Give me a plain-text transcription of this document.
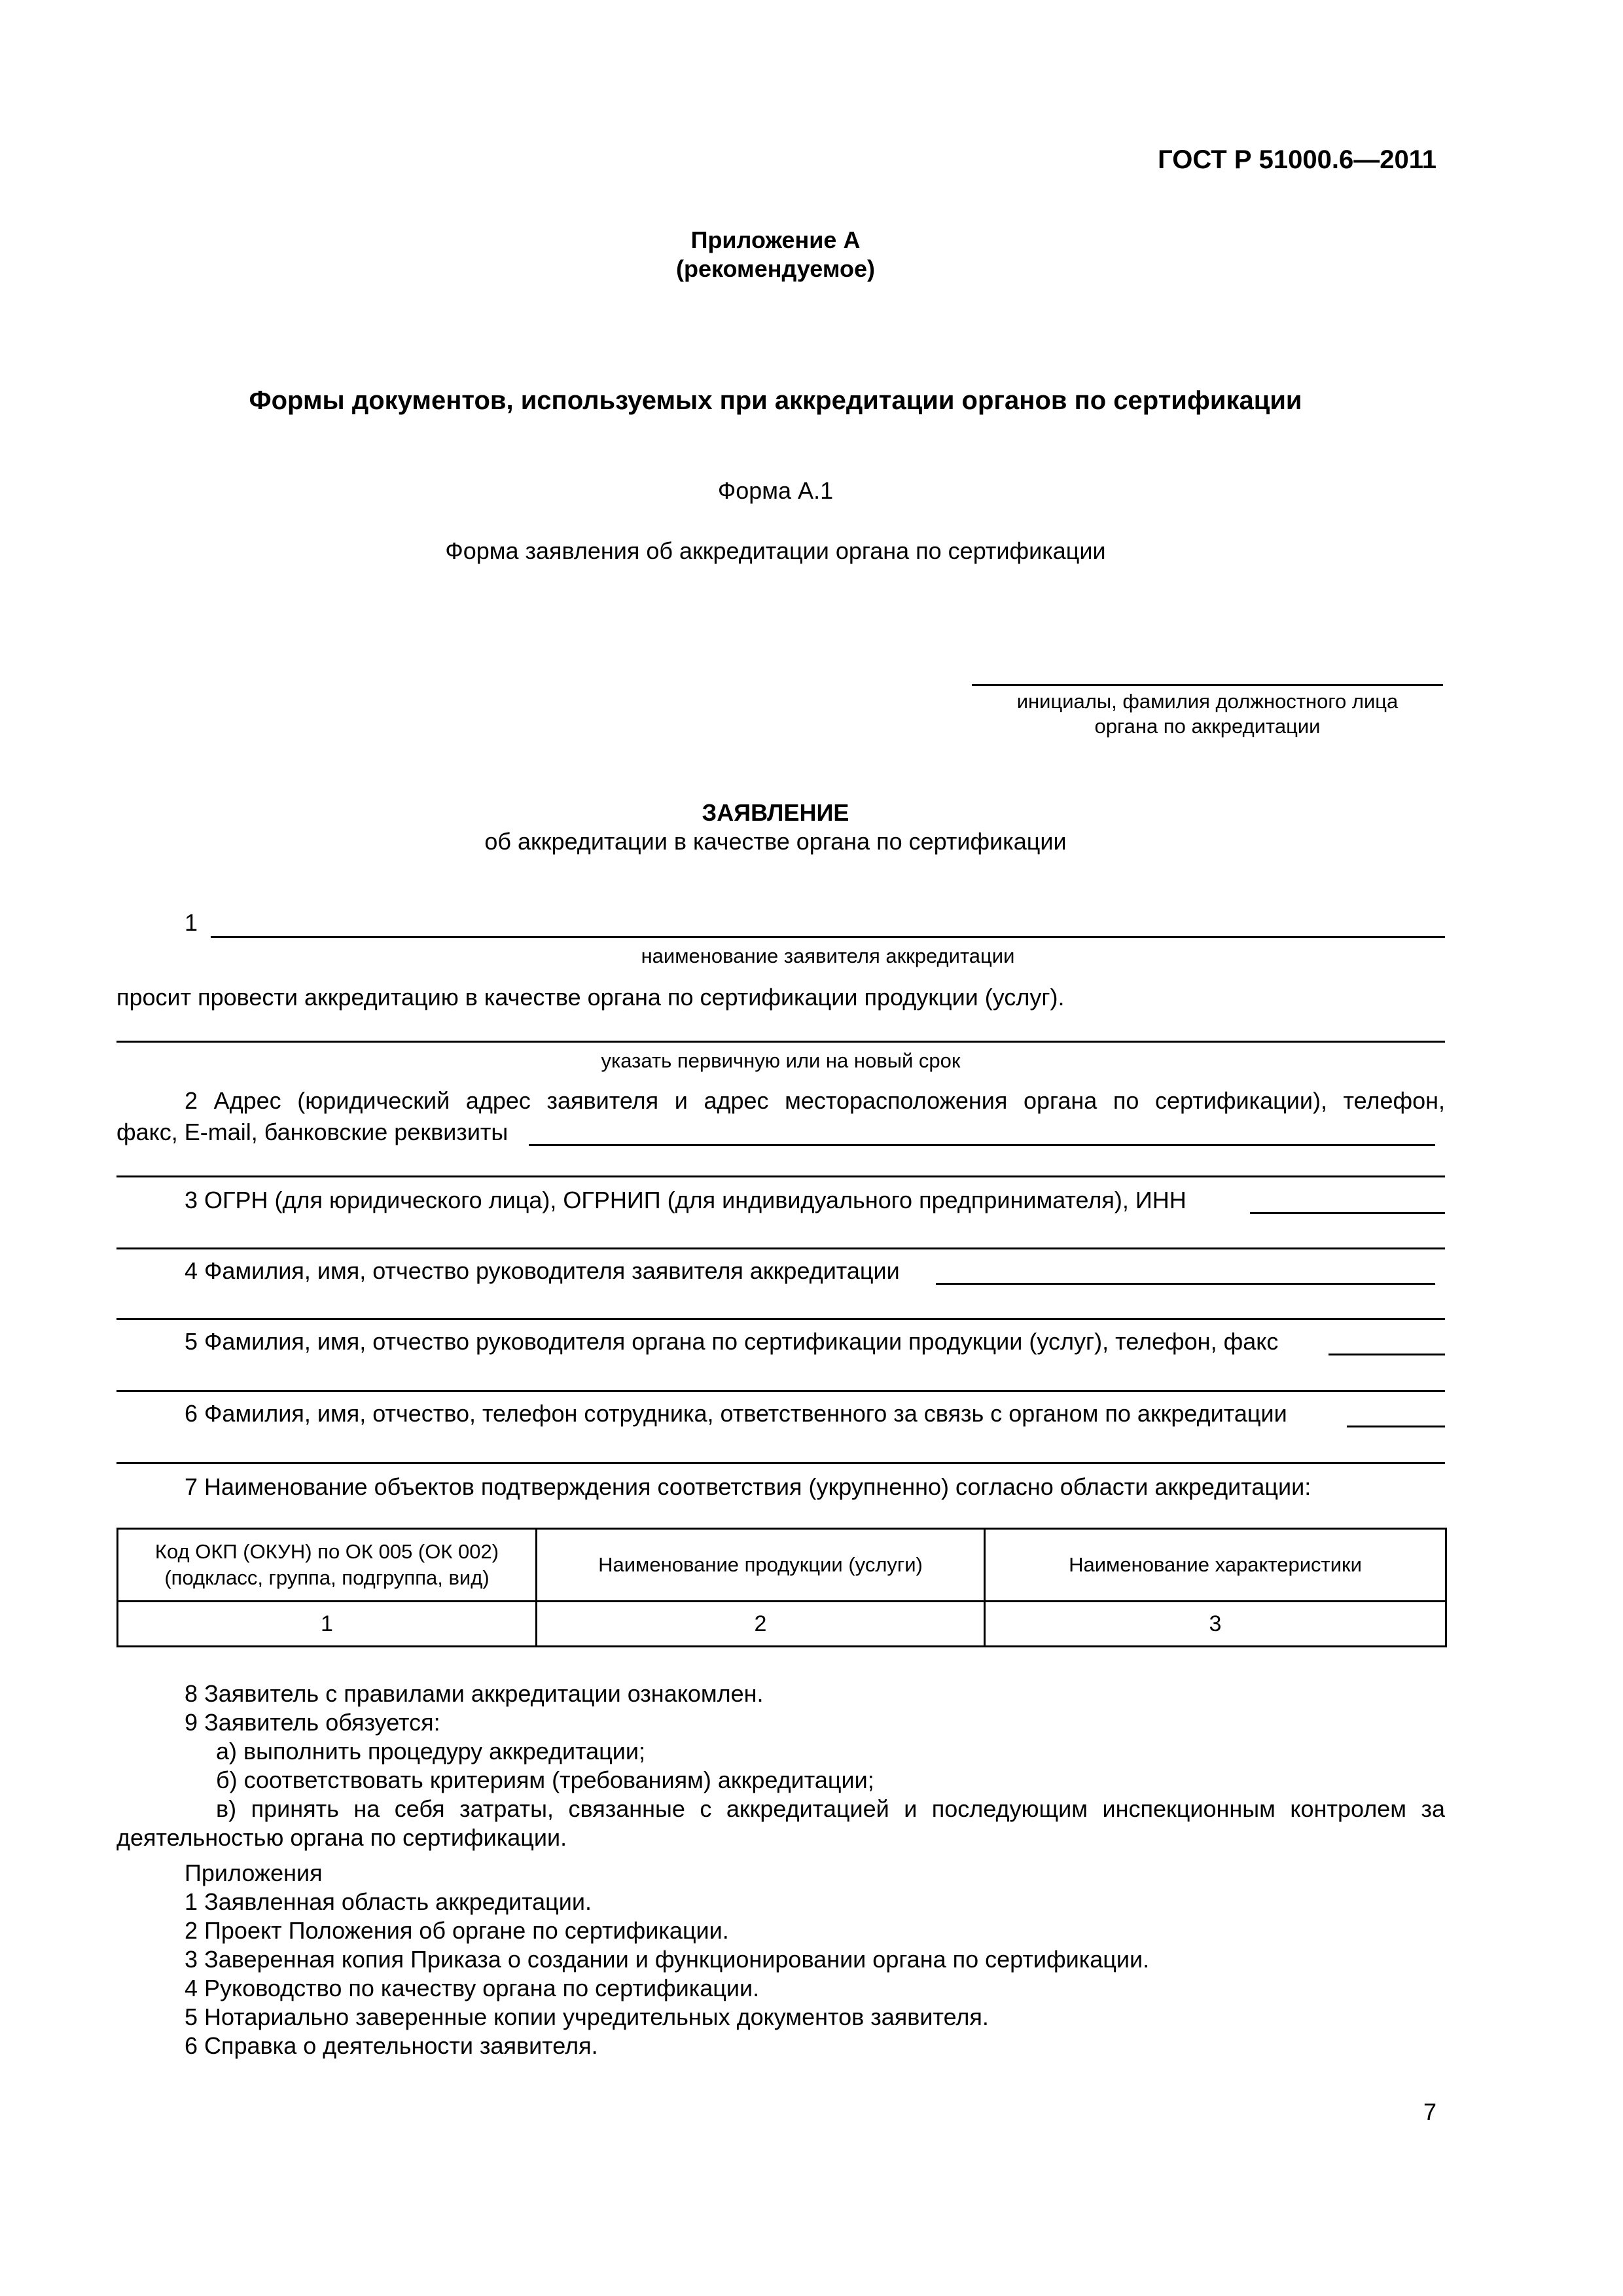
ГОСТ Р 51000.6—2011
Приложение А
(рекомендуемое)
Формы документов, используемых при аккредитации органов по сертификации
Форма А.1
Форма заявления об аккредитации органа по сертификации
инициалы, фамилия должностного лица
органа по аккредитации
ЗАЯВЛЕНИЕ
об аккредитации в качестве органа по сертификации
1
наименование заявителя аккредитации
просит провести аккредитацию в качестве органа по сертификации продукции (услуг).
указать первичную или на новый срок
2 Адрес (юридический адрес заявителя и адрес месторасположения органа по сертификации), телефон,
факс, E-mail, банковские реквизиты
3 ОГРН (для юридического лица), ОГРНИП (для индивидуального предпринимателя), ИНН
4 Фамилия, имя, отчество руководителя заявителя аккредитации
5 Фамилия, имя, отчество руководителя органа по сертификации продукции (услуг), телефон, факс
6 Фамилия, имя, отчество, телефон сотрудника, ответственного за связь с органом по аккредитации
7 Наименование объектов подтверждения соответствия (укрупненно) согласно области аккредитации:
Код ОКП (ОКУН) по ОК 005 (ОК 002)
(подкласс, группа, подгруппа, вид)	Наименование продукции (услуги)	Наименование характеристики
1	2	3
8 Заявитель с правилами аккредитации ознакомлен.
9 Заявитель обязуется:
а) выполнить процедуру аккредитации;
б) соответствовать критериям (требованиям) аккредитации;
в) принять на себя затраты, связанные с аккредитацией и последующим инспекционным контролем за
деятельностью органа по сертификации.
Приложения
1 Заявленная область аккредитации.
2 Проект Положения об органе по сертификации.
3 Заверенная копия Приказа о создании и функционировании органа по сертификации.
4 Руководство по качеству органа по сертификации.
5 Нотариально заверенные копии учредительных документов заявителя.
6 Справка о деятельности заявителя.
7
